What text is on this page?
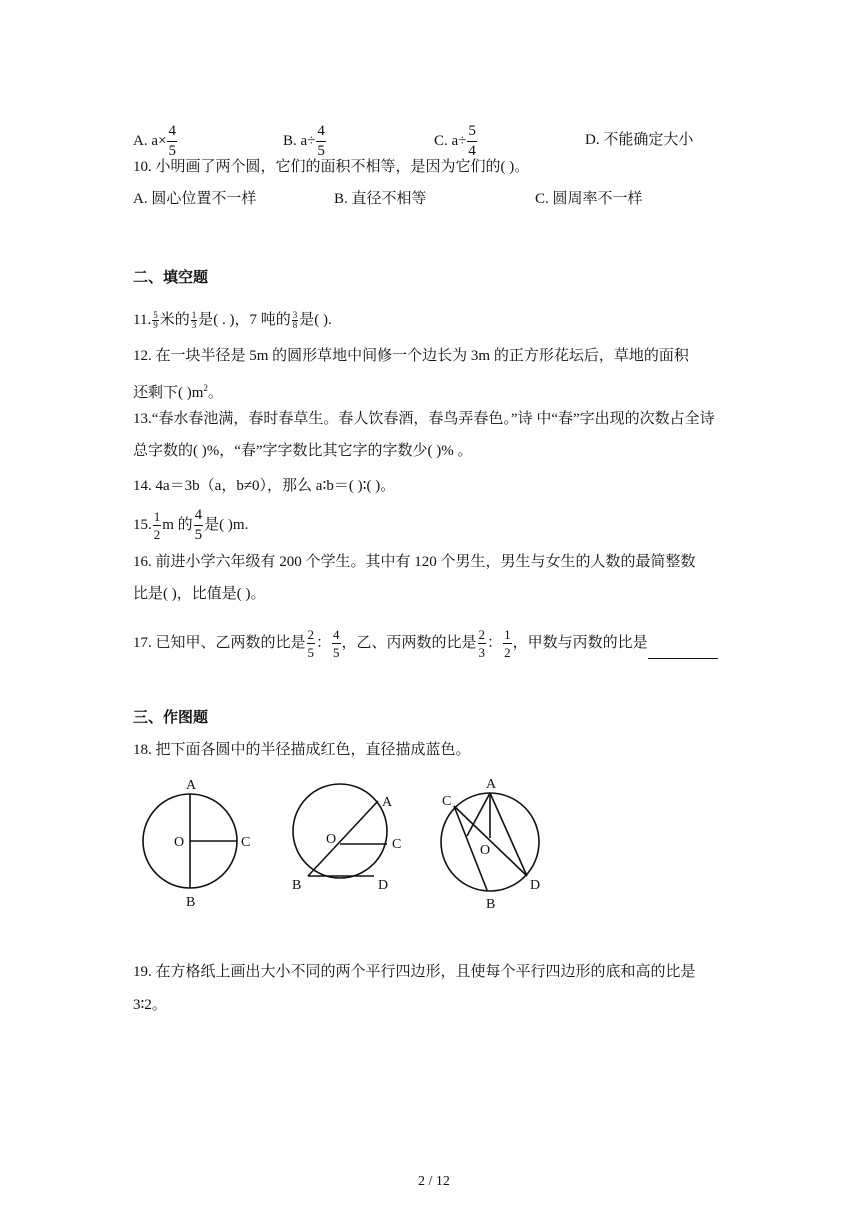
A. $a\times \frac{4}{5}$	B. $a\div \frac{4}{5}$	C. $a\div \frac{5}{4}$	D. 不能确定大小
10. 小明画了两个圆，它们的面积不相等，是因为它们的( )。
A. 圆心位置不一样	B. 直径不相等	C. 圆周率不一样
二、填空题
11. $\frac{5}{9}$ 米的 $\frac{1}{3}$ 是( . )，7 吨的 $\frac{3}{8}$ 是( ).
12. 在一块半径是 5m 的圆形草地中间修一个边长为 3m 的正方形花坛后，草地的面积
还剩下( )$m^2$。
13.“春水春池满，春时春草生。春人饮春酒，春鸟弄春色。”诗 中“春”字出现的次数占全诗
总字数的( )%，“春”字字数比其它字的字数少( )% 。
14. 4a＝3b（a，b≠0），那么 a∶b＝( )∶( )。
15. $\frac{1}{2}$ m 的 $\frac{4}{5}$ 是( )m.
16. 前进小学六年级有 200 个学生。其中有 120 个男生，男生与女生的人数的最简整数
比是( )，比值是( )。
17. 已知甲、乙两数的比是 $\frac{2}{5}$ ： $\frac{4}{5}$ ，乙、丙两数的比是 $\frac{2}{3}$ ： $\frac{1}{2}$ ，甲数与丙数的比是
三、作图题
18. 把下面各圆中的半径描成红色，直径描成蓝色。
A
O	C
B
A
O	C
B	D
A
C
O
D
B
19. 在方格纸上画出大小不同的两个平行四边形，且使每个平行四边形的底和高的比是
3∶2。
2 / 12
